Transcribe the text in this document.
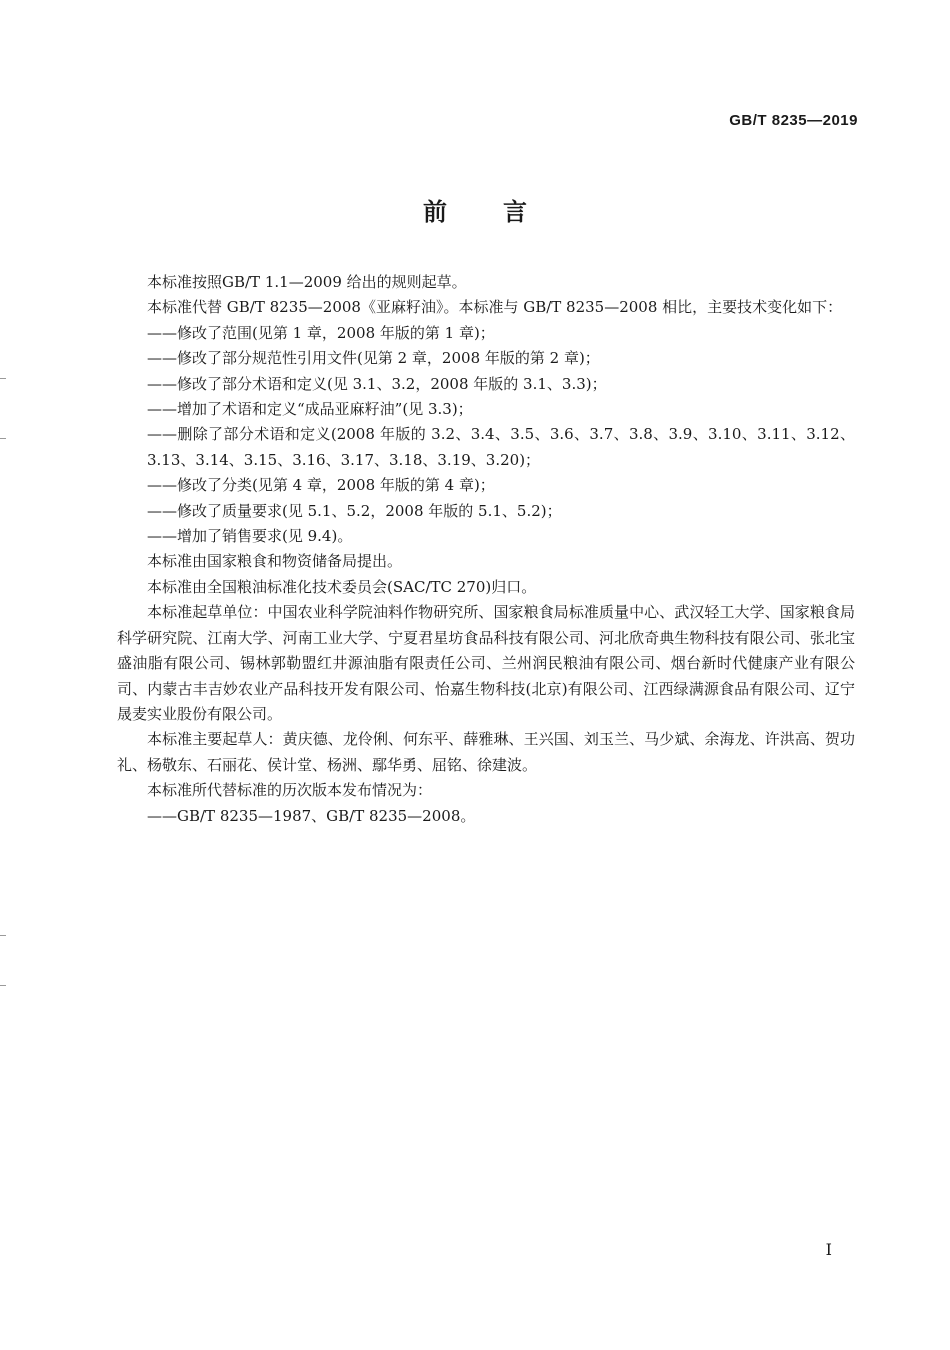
GB/T 8235—2019
前言

本标准按照GB/T 1.1—2009 给出的规则起草。

本标准代替 GB/T 8235—2008《亚麻籽油》。本标准与 GB/T 8235—2008 相比，主要技术变化如下：

——修改了范围(见第 1 章，2008 年版的第 1 章)；

——修改了部分规范性引用文件(见第 2 章，2008 年版的第 2 章)；

——修改了部分术语和定义(见 3.1、3.2，2008 年版的 3.1、3.3)；

——增加了术语和定义“成品亚麻籽油”(见 3.3)；

——删除了部分术语和定义(2008 年版的 3.2、3.4、3.5、3.6、3.7、3.8、3.9、3.10、3.11、3.12、3.13、3.14、3.15、3.16、3.17、3.18、3.19、3.20)；

——修改了分类(见第 4 章，2008 年版的第 4 章)；

——修改了质量要求(见 5.1、5.2，2008 年版的 5.1、5.2)；

——增加了销售要求(见 9.4)。

本标准由国家粮食和物资储备局提出。

本标准由全国粮油标准化技术委员会(SAC/TC 270)归口。

本标准起草单位：中国农业科学院油料作物研究所、国家粮食局标准质量中心、武汉轻工大学、国家粮食局科学研究院、江南大学、河南工业大学、宁夏君星坊食品科技有限公司、河北欣奇典生物科技有限公司、张北宝盛油脂有限公司、锡林郭勒盟红井源油脂有限责任公司、兰州润民粮油有限公司、烟台新时代健康产业有限公司、内蒙古丰吉妙农业产品科技开发有限公司、怡嘉生物科技(北京)有限公司、江西绿满源食品有限公司、辽宁晟麦实业股份有限公司。

本标准主要起草人：黄庆德、龙伶俐、何东平、薛雅琳、王兴国、刘玉兰、马少斌、余海龙、许洪高、贺功礼、杨敬东、石丽花、侯计堂、杨洲、鄢华勇、屈铭、徐建波。

本标准所代替标准的历次版本发布情况为：

——GB/T 8235—1987、GB/T 8235—2008。

I
